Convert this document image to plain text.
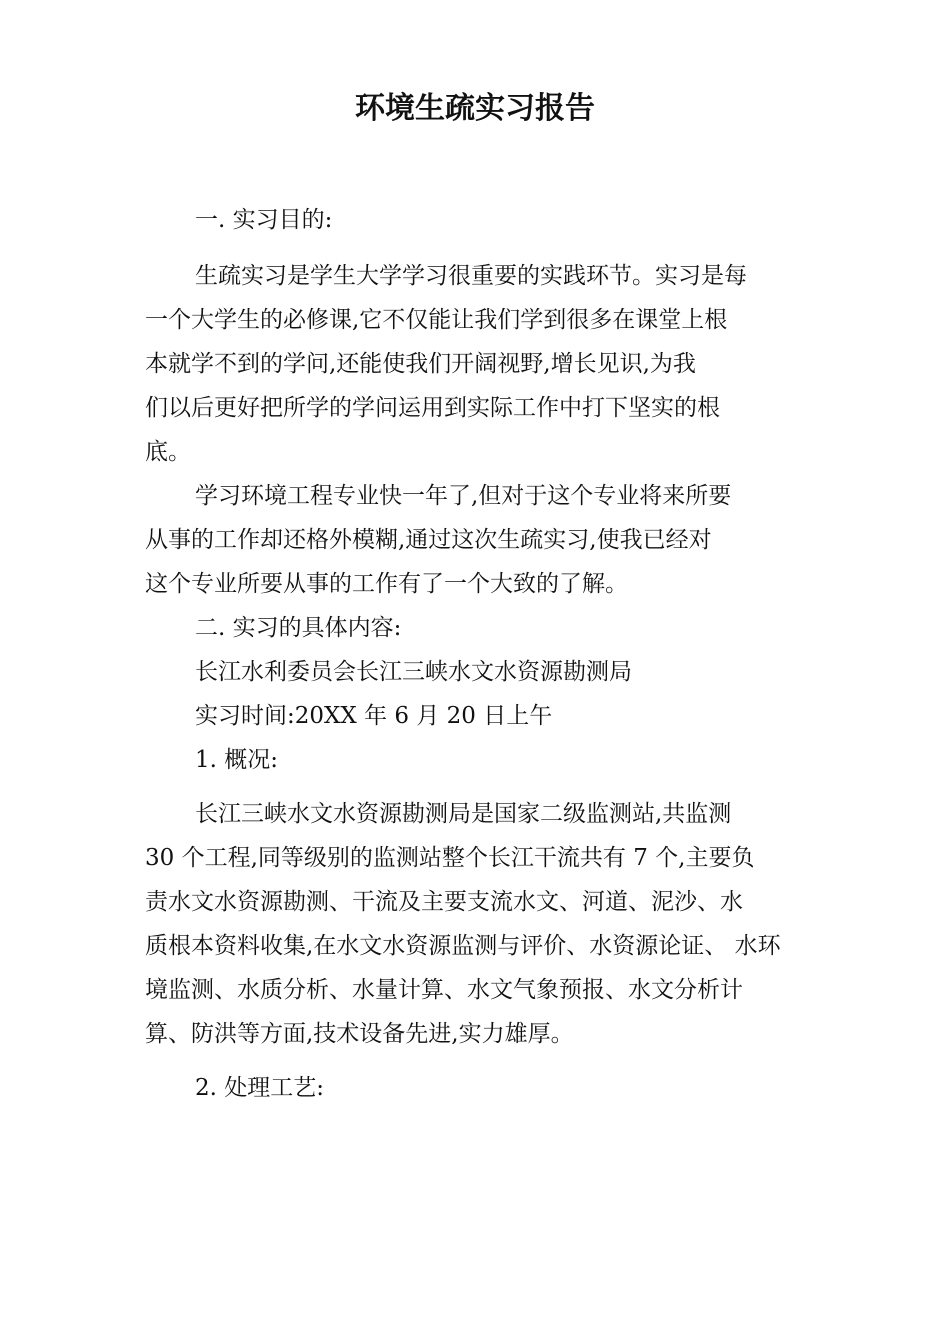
环境生疏实习报告
一. 实习目的:
生疏实习是学生大学学习很重要的实践环节。实习是每
一个大学生的必修课,它不仅能让我们学到很多在课堂上根
本就学不到的学问,还能使我们开阔视野,增长见识,为我
们以后更好把所学的学问运用到实际工作中打下坚实的根
底。
学习环境工程专业快一年了,但对于这个专业将来所要
从事的工作却还格外模糊,通过这次生疏实习,使我已经对
这个专业所要从事的工作有了一个大致的了解。
二. 实习的具体内容:
长江水利委员会长江三峡水文水资源勘测局
实习时间:20XX 年 6 月 20 日上午
1. 概况:
长江三峡水文水资源勘测局是国家二级监测站,共监测
30 个工程,同等级别的监测站整个长江干流共有 7 个,主要负
责水文水资源勘测、干流及主要支流水文、河道、泥沙、水
质根本资料收集,在水文水资源监测与评价、水资源论证、 水环
境监测、水质分析、水量计算、水文气象预报、水文分析计
算、防洪等方面,技术设备先进,实力雄厚。
2. 处理工艺:
